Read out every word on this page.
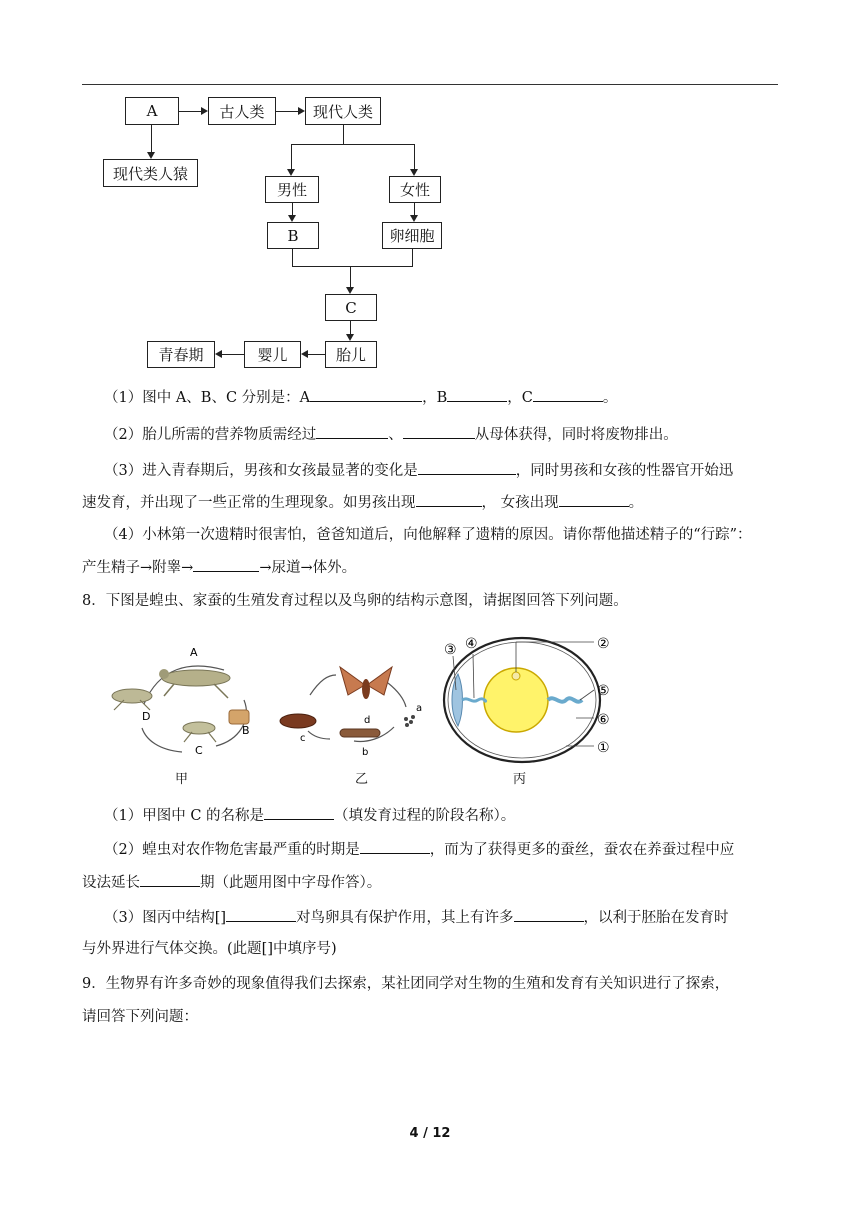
A	古人类	现代人类
现代类人猿
男性	女性
B	卵细胞
C
胎儿
婴儿
青春期
（1）图中 A、B、C 分别是：A	，B	，C	。
（2）胎儿所需的营养物质需经过	、	从母体获得，同时将废物排出。
（3）进入青春期后，男孩和女孩最显著的变化是	，同时男孩和女孩的性器官开始迅
速发育，并出现了一些正常的生理现象。如男孩出现	， 女孩出现	。
（4）小林第一次遗精时很害怕，爸爸知道后，向他解释了遗精的原因。请你帮他描述精子的“行踪”：
产生精子→附睾→	→尿道→体外。
8．下图是蝗虫、家蚕的生殖发育过程以及鸟卵的结构示意图，请据图回答下列问题。
A
B
C
D
甲
a
b
c
d
乙
②
⑤
⑥
①
③ ④
丙
（1）甲图中 C 的名称是	（填发育过程的阶段名称）。
（2）蝗虫对农作物危害最严重的时期是	，而为了获得更多的蚕丝，蚕农在养蚕过程中应
设法延长	期（此题用图中字母作答）。
（3）图丙中结构[]	对鸟卵具有保护作用，其上有许多	，以利于胚胎在发育时
与外界进行气体交换。(此题[]中填序号)
9．生物界有许多奇妙的现象值得我们去探索，某社团同学对生物的生殖和发育有关知识进行了探索，
请回答下列问题：
4 / 12
